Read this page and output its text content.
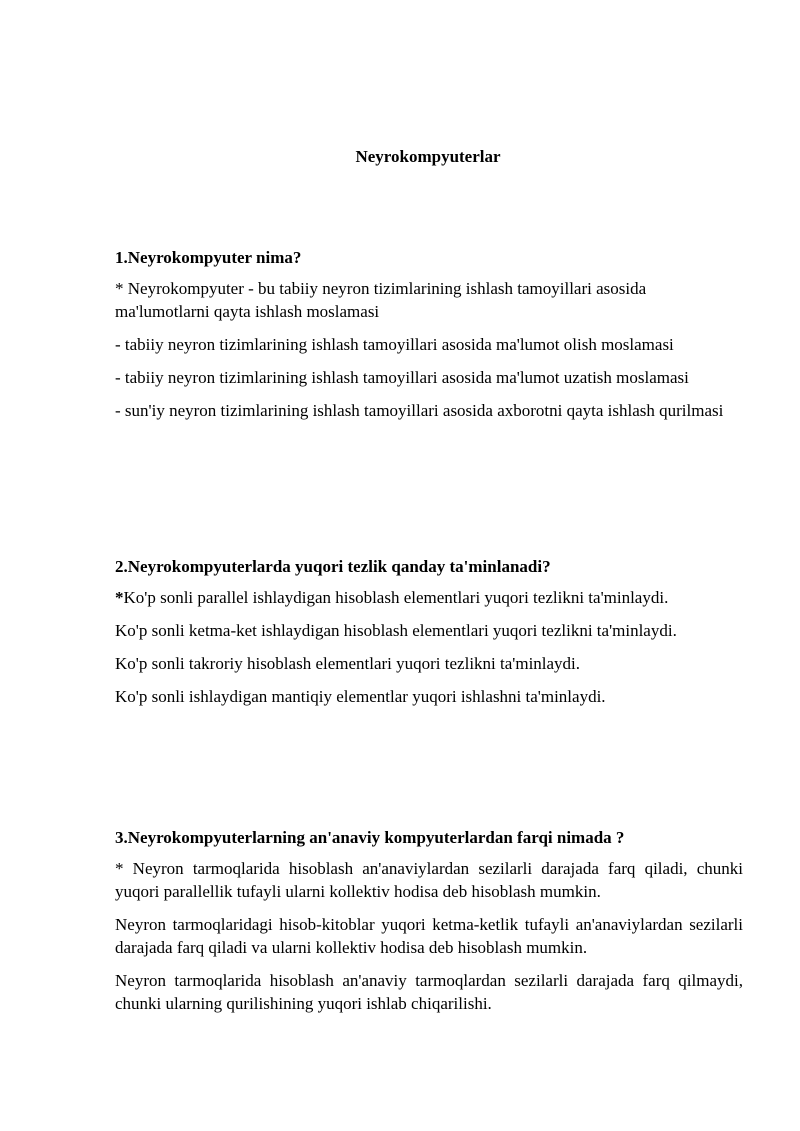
Neyrokompyuterlar

1.Neyrokompyuter nima?

* Neyrokompyuter - bu tabiiy neyron tizimlarining ishlash tamoyillari asosida ma'lumotlarni qayta ishlash moslamasi

- tabiiy neyron tizimlarining ishlash tamoyillari asosida ma'lumot olish moslamasi

- tabiiy neyron tizimlarining ishlash tamoyillari asosida ma'lumot uzatish moslamasi

- sun'iy neyron tizimlarining ishlash tamoyillari asosida axborotni qayta ishlash qurilmasi

2.Neyrokompyuterlarda yuqori tezlik qanday ta'minlanadi?

*Ko'p sonli parallel ishlaydigan hisoblash elementlari yuqori tezlikni ta'minlaydi.

Ko'p sonli ketma-ket ishlaydigan hisoblash elementlari yuqori tezlikni ta'minlaydi.

Ko'p sonli takroriy hisoblash elementlari yuqori tezlikni ta'minlaydi.

Ko'p sonli ishlaydigan mantiqiy elementlar yuqori ishlashni ta'minlaydi.

3.Neyrokompyuterlarning an'anaviy kompyuterlardan farqi nimada ?

* Neyron tarmoqlarida hisoblash an'anaviylardan sezilarli darajada farq qiladi, chunki yuqori parallellik tufayli ularni kollektiv hodisa deb hisoblash mumkin.

Neyron tarmoqlaridagi hisob-kitoblar yuqori ketma-ketlik tufayli an'anaviylardan sezilarli darajada farq qiladi va ularni kollektiv hodisa deb hisoblash mumkin.

Neyron tarmoqlarida hisoblash an'anaviy tarmoqlardan sezilarli darajada farq qilmaydi, chunki ularning qurilishining yuqori ishlab chiqarilishi.
